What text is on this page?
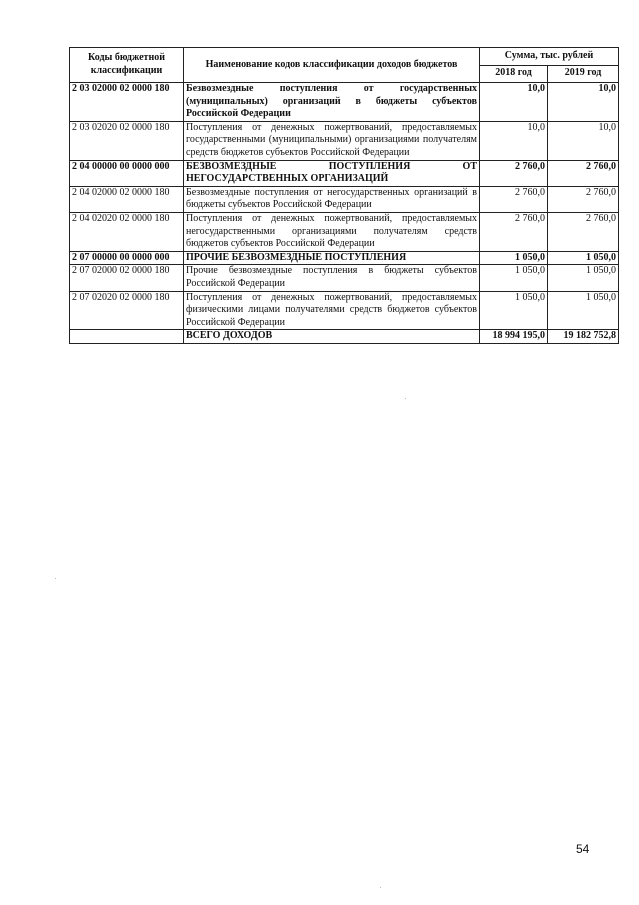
Коды бюджетной классификации	Наименование кодов классификации доходов бюджетов	Сумма, тыс. рублей	
		2018 год	2019 год
2 03 02000 02 0000 180	Безвозмездные поступления от государственных (муниципальных) организаций в бюджеты субъектов Российской Федерации	10,0	10,0
2 03 02020 02 0000 180	Поступления от денежных пожертвований, предоставляемых государственными (муниципальными) организациями получателям средств бюджетов субъектов Российской Федерации	10,0	10,0
2 04 00000 00 0000 000	БЕЗВОЗМЕЗДНЫЕ ПОСТУПЛЕНИЯ ОТ НЕГОСУДАРСТВЕННЫХ ОРГАНИЗАЦИЙ	2 760,0	2 760,0
2 04 02000 02 0000 180	Безвозмездные поступления от негосударственных организаций в бюджеты субъектов Российской Федерации	2 760,0	2 760,0
2 04 02020 02 0000 180	Поступления от денежных пожертвований, предоставляемых негосударственными организациями получателям средств бюджетов субъектов Российской Федерации	2 760,0	2 760,0
2 07 00000 00 0000 000	ПРОЧИЕ БЕЗВОЗМЕЗДНЫЕ ПОСТУПЛЕНИЯ	1 050,0	1 050,0
2 07 02000 02 0000 180	Прочие безвозмездные поступления в бюджеты субъектов Российской Федерации	1 050,0	1 050,0
2 07 02020 02 0000 180	Поступления от денежных пожертвований, предоставляемых физическими лицами получателями средств бюджетов субъектов Российской Федерации	1 050,0	1 050,0
	ВСЕГО ДОХОДОВ	18 994 195,0	19 182 752,8
54
